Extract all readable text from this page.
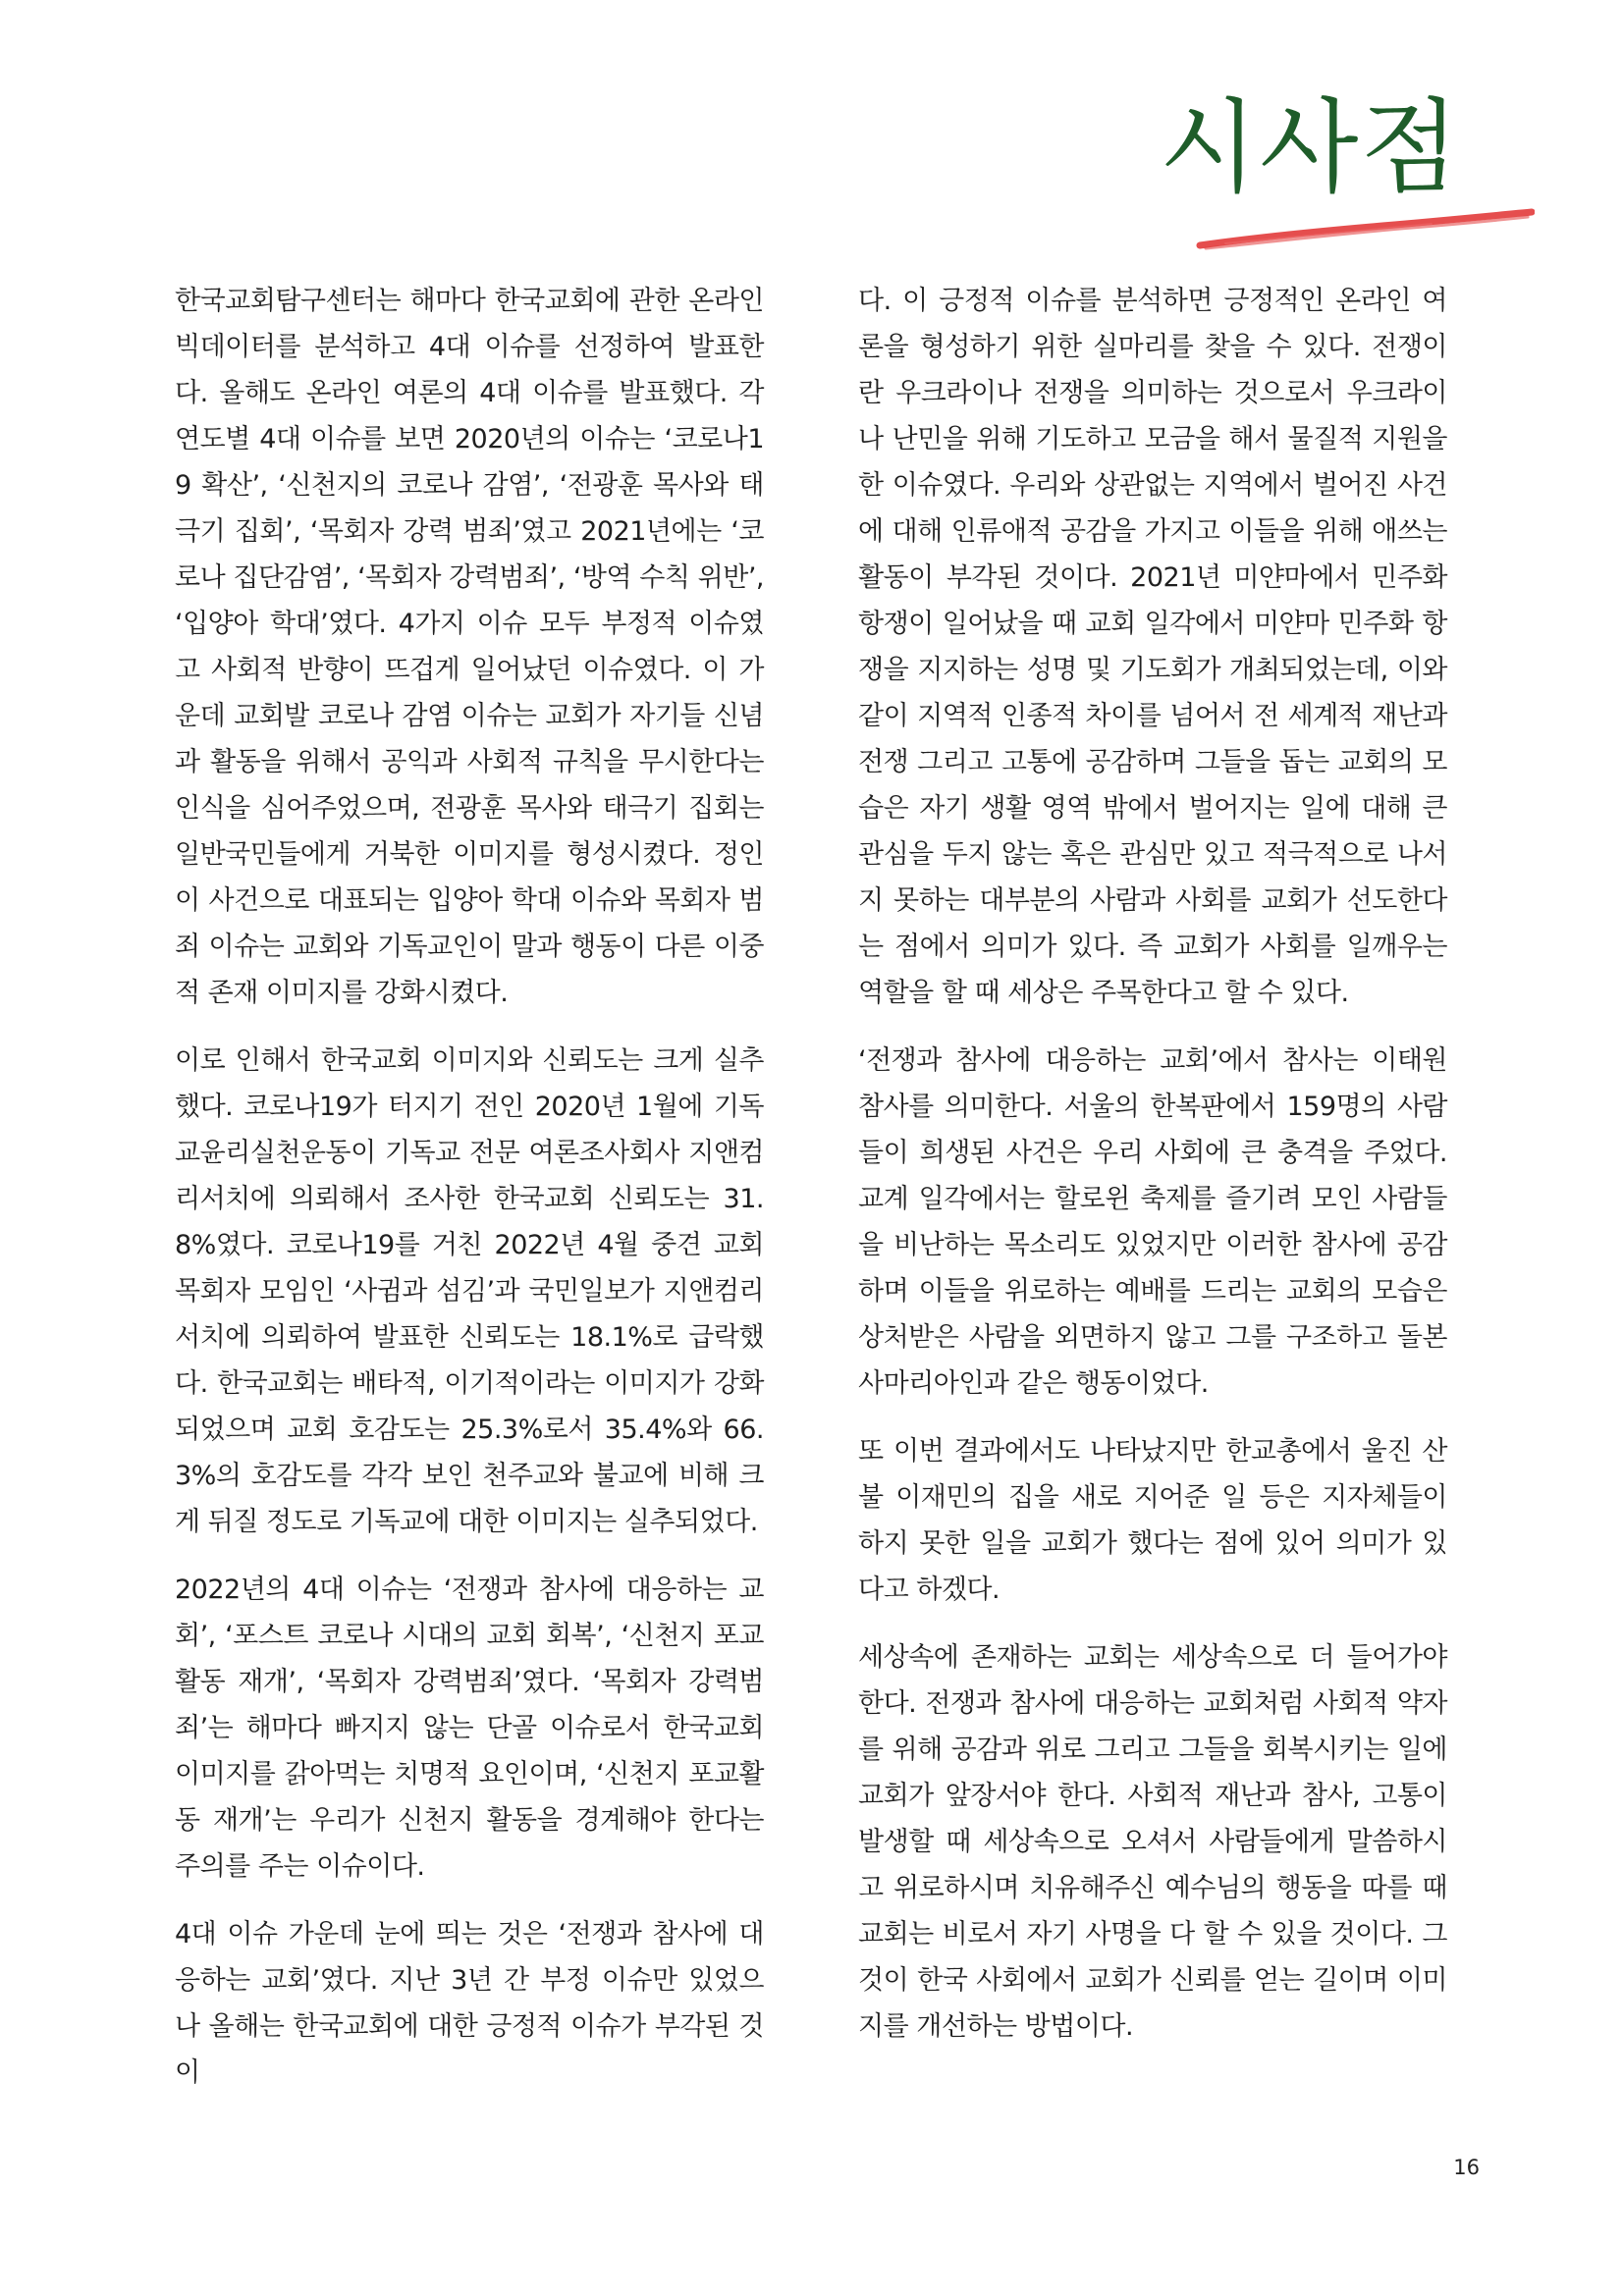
시사점

한국교회탐구센터는 해마다 한국교회에 관한 온라인 빅데이터를 분석하고 4대 이슈를 선정하여 발표한다. 올해도 온라인 여론의 4대 이슈를 발표했다. 각 연도별 4대 이슈를 보면 2020년의 이슈는 ‘코로나19 확산’, ‘신천지의 코로나 감염’, ‘전광훈 목사와 태극기 집회’, ‘목회자 강력 범죄’였고 2021년에는 ‘코로나 집단감염’, ‘목회자 강력범죄’, ‘방역 수칙 위반’, ‘입양아 학대’였다. 4가지 이슈 모두 부정적 이슈였고 사회적 반향이 뜨겁게 일어났던 이슈였다. 이 가운데 교회발 코로나 감염 이슈는 교회가 자기들 신념과 활동을 위해서 공익과 사회적 규칙을 무시한다는 인식을 심어주었으며, 전광훈 목사와 태극기 집회는 일반국민들에게 거북한 이미지를 형성시켰다. 정인이 사건으로 대표되는 입양아 학대 이슈와 목회자 범죄 이슈는 교회와 기독교인이 말과 행동이 다른 이중적 존재 이미지를 강화시켰다.

이로 인해서 한국교회 이미지와 신뢰도는 크게 실추했다. 코로나19가 터지기 전인 2020년 1월에 기독교윤리실천운동이 기독교 전문 여론조사회사 지앤컴리서치에 의뢰해서 조사한 한국교회 신뢰도는 31.8%였다. 코로나19를 거친 2022년 4월 중견 교회 목회자 모임인 ‘사귐과 섬김’과 국민일보가 지앤컴리서치에 의뢰하여 발표한 신뢰도는 18.1%로 급락했다. 한국교회는 배타적, 이기적이라는 이미지가 강화되었으며 교회 호감도는 25.3%로서 35.4%와 66.3%의 호감도를 각각 보인 천주교와 불교에 비해 크게 뒤질 정도로 기독교에 대한 이미지는 실추되었다.

2022년의 4대 이슈는 ‘전쟁과 참사에 대응하는 교회’, ‘포스트 코로나 시대의 교회 회복’, ‘신천지 포교 활동 재개’, ‘목회자 강력범죄’였다. ‘목회자 강력범죄’는 해마다 빠지지 않는 단골 이슈로서 한국교회 이미지를 갉아먹는 치명적 요인이며, ‘신천지 포교활동 재개’는 우리가 신천지 활동을 경계해야 한다는 주의를 주는 이슈이다.

4대 이슈 가운데 눈에 띄는 것은 ‘전쟁과 참사에 대응하는 교회’였다. 지난 3년 간 부정 이슈만 있었으나 올해는 한국교회에 대한 긍정적 이슈가 부각된 것이

다. 이 긍정적 이슈를 분석하면 긍정적인 온라인 여론을 형성하기 위한 실마리를 찾을 수 있다. 전쟁이란 우크라이나 전쟁을 의미하는 것으로서 우크라이나 난민을 위해 기도하고 모금을 해서 물질적 지원을 한 이슈였다. 우리와 상관없는 지역에서 벌어진 사건에 대해 인류애적 공감을 가지고 이들을 위해 애쓰는 활동이 부각된 것이다. 2021년 미얀마에서 민주화 항쟁이 일어났을 때 교회 일각에서 미얀마 민주화 항쟁을 지지하는 성명 및 기도회가 개최되었는데, 이와 같이 지역적 인종적 차이를 넘어서 전 세계적 재난과 전쟁 그리고 고통에 공감하며 그들을 돕는 교회의 모습은 자기 생활 영역 밖에서 벌어지는 일에 대해 큰 관심을 두지 않는 혹은 관심만 있고 적극적으로 나서지 못하는 대부분의 사람과 사회를 교회가 선도한다는 점에서 의미가 있다. 즉 교회가 사회를 일깨우는 역할을 할 때 세상은 주목한다고 할 수 있다.

‘전쟁과 참사에 대응하는 교회’에서 참사는 이태원 참사를 의미한다. 서울의 한복판에서 159명의 사람들이 희생된 사건은 우리 사회에 큰 충격을 주었다. 교계 일각에서는 할로윈 축제를 즐기려 모인 사람들을 비난하는 목소리도 있었지만 이러한 참사에 공감하며 이들을 위로하는 예배를 드리는 교회의 모습은 상처받은 사람을 외면하지 않고 그를 구조하고 돌본 사마리아인과 같은 행동이었다.

또 이번 결과에서도 나타났지만 한교총에서 울진 산불 이재민의 집을 새로 지어준 일 등은 지자체들이 하지 못한 일을 교회가 했다는 점에 있어 의미가 있다고 하겠다.

세상속에 존재하는 교회는 세상속으로 더 들어가야 한다. 전쟁과 참사에 대응하는 교회처럼 사회적 약자를 위해 공감과 위로 그리고 그들을 회복시키는 일에 교회가 앞장서야 한다. 사회적 재난과 참사, 고통이 발생할 때 세상속으로 오셔서 사람들에게 말씀하시고 위로하시며 치유해주신 예수님의 행동을 따를 때 교회는 비로서 자기 사명을 다 할 수 있을 것이다. 그것이 한국 사회에서 교회가 신뢰를 얻는 길이며 이미지를 개선하는 방법이다.

16
